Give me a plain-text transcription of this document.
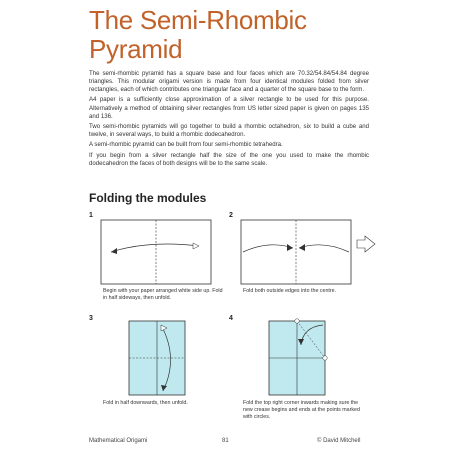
The Semi-Rhombic
Pyramid

The semi-rhombic pyramid has a square base and four faces which are 70.32/54.84/54.84 degree triangles. This modular origami version is made from four identical modules folded from silver rectangles, each of which contributes one triangular face and a quarter of the square base to the form.

A4 paper is a sufficiently close approximation of a silver rectangle to be used for this purpose. Alternatively a method of obtaining silver rectangles from US letter sized paper is given on pages 135 and 136.

Two semi-rhombic pyramids will go together to build a rhombic octahedron, six to build a cube and twelve, in several ways, to build a rhombic dodecahedron.

A semi-rhombic pyramid can be built from four semi-rhombic tetrahedra.

If you begin from a silver rectangle half the size of the one you used to make the rhombic dodecahedron the faces of both designs will be to the same scale.

Folding the modules
1
Begin with your paper arranged white side up. Fold in half sideways, then unfold.
2
Fold both outside edges into the centre.
3
Fold in half downwards, then unfold.
4
Fold the top right corner inwards making sure the new crease begins and ends at the points marked with circles.
Mathematical Origami	81	© David Mitchell
